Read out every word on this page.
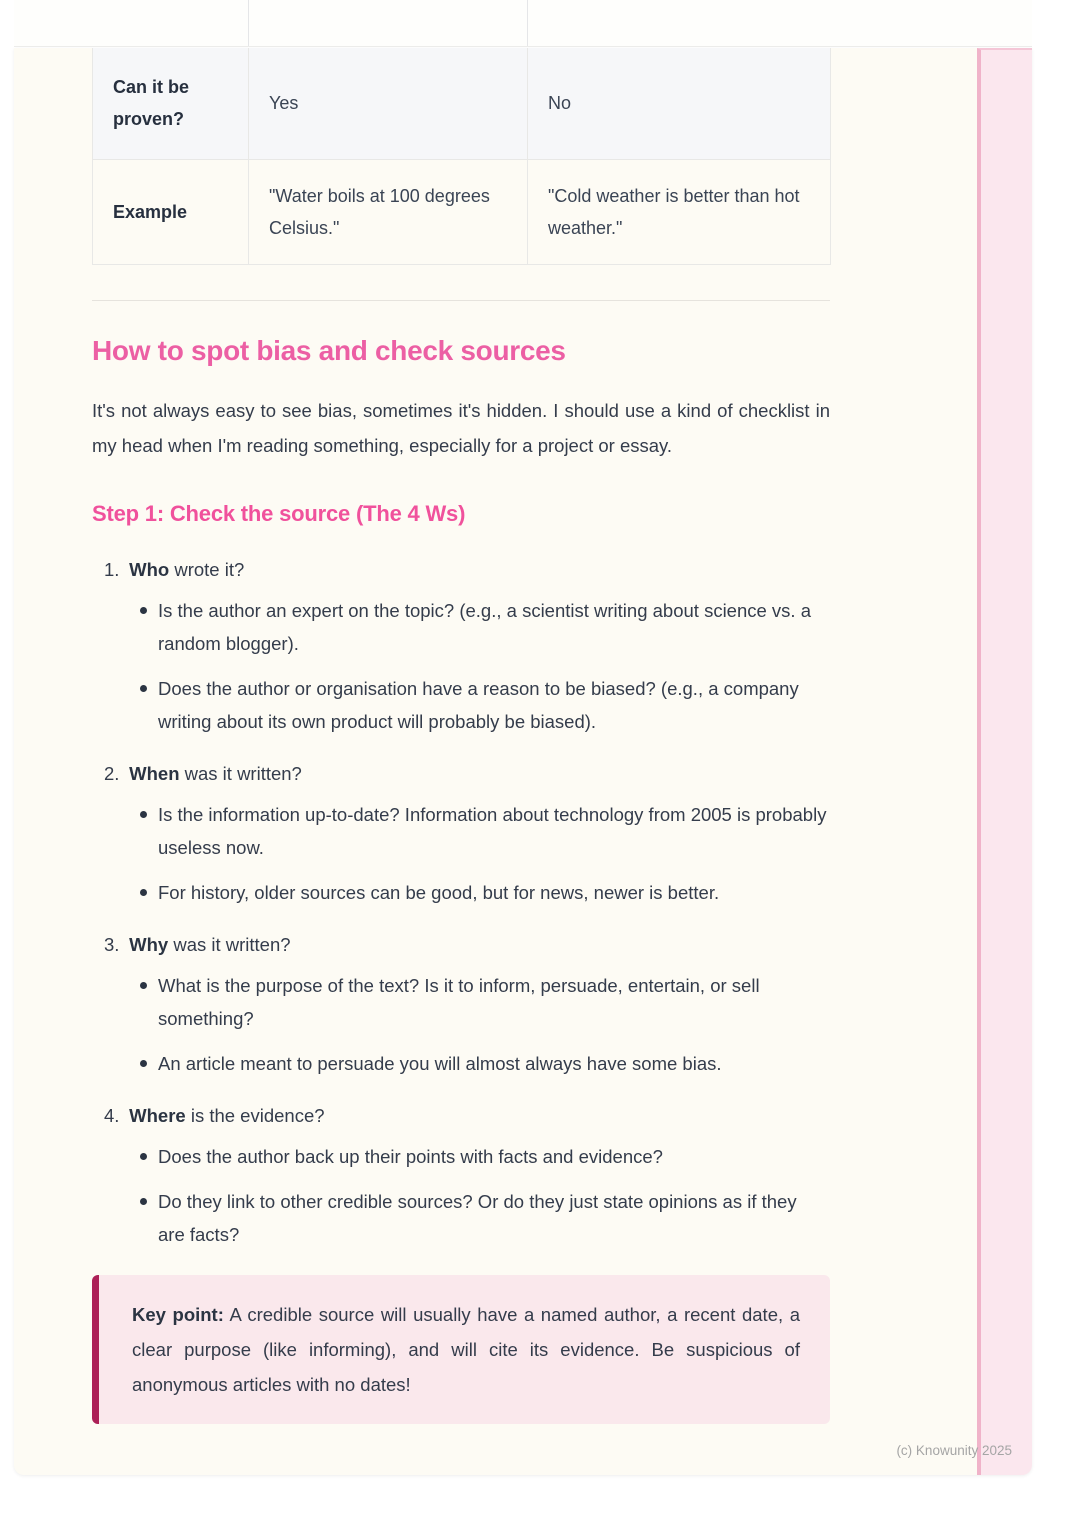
Can it be proven?	Yes	No
Example	"Water boils at 100 degrees Celsius."	"Cold weather is better than hot weather."
How to spot bias and check sources

It's not always easy to see bias, sometimes it's hidden. I should use a kind of checklist in my head when I'm reading something, especially for a project or essay.

Step 1: Check the source (The 4 Ws)
1. Who wrote it?
Is the author an expert on the topic? (e.g., a scientist writing about science vs. a random blogger).
Does the author or organisation have a reason to be biased? (e.g., a company writing about its own product will probably be biased).
2. When was it written?
Is the information up-to-date? Information about technology from 2005 is probably useless now.
For history, older sources can be good, but for news, newer is better.
3. Why was it written?
What is the purpose of the text? Is it to inform, persuade, entertain, or sell something?
An article meant to persuade you will almost always have some bias.
4. Where is the evidence?
Does the author back up their points with facts and evidence?
Do they link to other credible sources? Or do they just state opinions as if they are facts?
Key point: A credible source will usually have a named author, a recent date, a clear purpose (like informing), and will cite its evidence. Be suspicious of anonymous articles with no dates!
(c) Knowunity 2025
